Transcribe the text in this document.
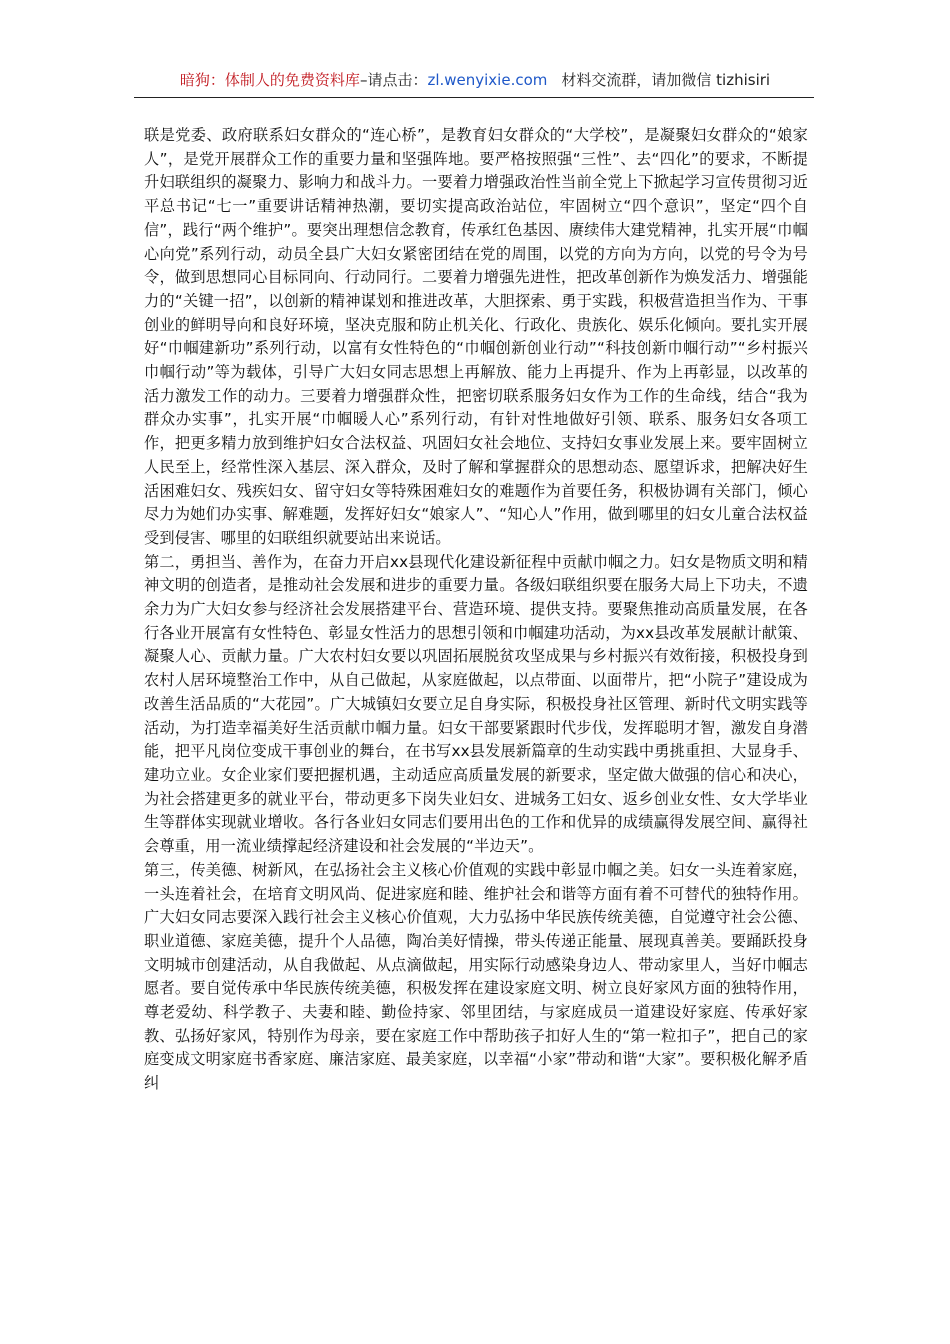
暗狗：体制人的免费资料库–请点击：zl.wenyixie.com 材料交流群，请加微信 tizhisiri

联是党委、政府联系妇女群众的“连心桥”，是教育妇女群众的“大学校”，是凝聚妇女群众的“娘家人”，是党开展群众工作的重要力量和坚强阵地。要严格按照强“三性”、去“四化”的要求，不断提升妇联组织的凝聚力、影响力和战斗力。一要着力增强政治性当前全党上下掀起学习宣传贯彻习近平总书记“七一”重要讲话精神热潮，要切实提高政治站位，牢固树立“四个意识”，坚定“四个自信”，践行“两个维护”。要突出理想信念教育，传承红色基因、赓续伟大建党精神，扎实开展“巾帼心向党”系列行动，动员全县广大妇女紧密团结在党的周围，以党的方向为方向，以党的号令为号令，做到思想同心目标同向、行动同行。二要着力增强先进性，把改革创新作为焕发活力、增强能力的“关键一招”，以创新的精神谋划和推进改革，大胆探索、勇于实践，积极营造担当作为、干事创业的鲜明导向和良好环境，坚决克服和防止机关化、行政化、贵族化、娱乐化倾向。要扎实开展好“巾帼建新功”系列行动，以富有女性特色的“巾帼创新创业行动”“科技创新巾帼行动”“乡村振兴巾帼行动”等为载体，引导广大妇女同志思想上再解放、能力上再提升、作为上再彰显，以改革的活力激发工作的动力。三要着力增强群众性，把密切联系服务妇女作为工作的生命线，结合“我为群众办实事”，扎实开展“巾帼暖人心”系列行动，有针对性地做好引领、联系、服务妇女各项工作，把更多精力放到维护妇女合法权益、巩固妇女社会地位、支持妇女事业发展上来。要牢固树立人民至上，经常性深入基层、深入群众，及时了解和掌握群众的思想动态、愿望诉求，把解决好生活困难妇女、残疾妇女、留守妇女等特殊困难妇女的难题作为首要任务，积极协调有关部门，倾心尽力为她们办实事、解难题，发挥好妇女“娘家人”、“知心人”作用，做到哪里的妇女儿童合法权益受到侵害、哪里的妇联组织就要站出来说话。

第二，勇担当、善作为，在奋力开启xx县现代化建设新征程中贡献巾帼之力。妇女是物质文明和精神文明的创造者，是推动社会发展和进步的重要力量。各级妇联组织要在服务大局上下功夫，不遗余力为广大妇女参与经济社会发展搭建平台、营造环境、提供支持。要聚焦推动高质量发展，在各行各业开展富有女性特色、彰显女性活力的思想引领和巾帼建功活动，为xx县改革发展献计献策、凝聚人心、贡献力量。广大农村妇女要以巩固拓展脱贫攻坚成果与乡村振兴有效衔接，积极投身到农村人居环境整治工作中，从自己做起，从家庭做起，以点带面、以面带片，把“小院子”建设成为改善生活品质的“大花园”。广大城镇妇女要立足自身实际，积极投身社区管理、新时代文明实践等活动，为打造幸福美好生活贡献巾帼力量。妇女干部要紧跟时代步伐，发挥聪明才智，激发自身潜能，把平凡岗位变成干事创业的舞台，在书写xx县发展新篇章的生动实践中勇挑重担、大显身手、建功立业。女企业家们要把握机遇，主动适应高质量发展的新要求，坚定做大做强的信心和决心，为社会搭建更多的就业平台，带动更多下岗失业妇女、进城务工妇女、返乡创业女性、女大学毕业生等群体实现就业增收。各行各业妇女同志们要用出色的工作和优异的成绩赢得发展空间、赢得社会尊重，用一流业绩撑起经济建设和社会发展的“半边天”。

第三，传美德、树新风，在弘扬社会主义核心价值观的实践中彰显巾帼之美。妇女一头连着家庭，一头连着社会，在培育文明风尚、促进家庭和睦、维护社会和谐等方面有着不可替代的独特作用。广大妇女同志要深入践行社会主义核心价值观，大力弘扬中华民族传统美德，自觉遵守社会公德、职业道德、家庭美德，提升个人品德，陶冶美好情操，带头传递正能量、展现真善美。要踊跃投身文明城市创建活动，从自我做起、从点滴做起，用实际行动感染身边人、带动家里人，当好巾帼志愿者。要自觉传承中华民族传统美德，积极发挥在建设家庭文明、树立良好家风方面的独特作用，尊老爱幼、科学教子、夫妻和睦、勤俭持家、邻里团结，与家庭成员一道建设好家庭、传承好家教、弘扬好家风，特别作为母亲，要在家庭工作中帮助孩子扣好人生的“第一粒扣子”，把自己的家庭变成文明家庭书香家庭、廉洁家庭、最美家庭，以幸福“小家”带动和谐“大家”。要积极化解矛盾纠
